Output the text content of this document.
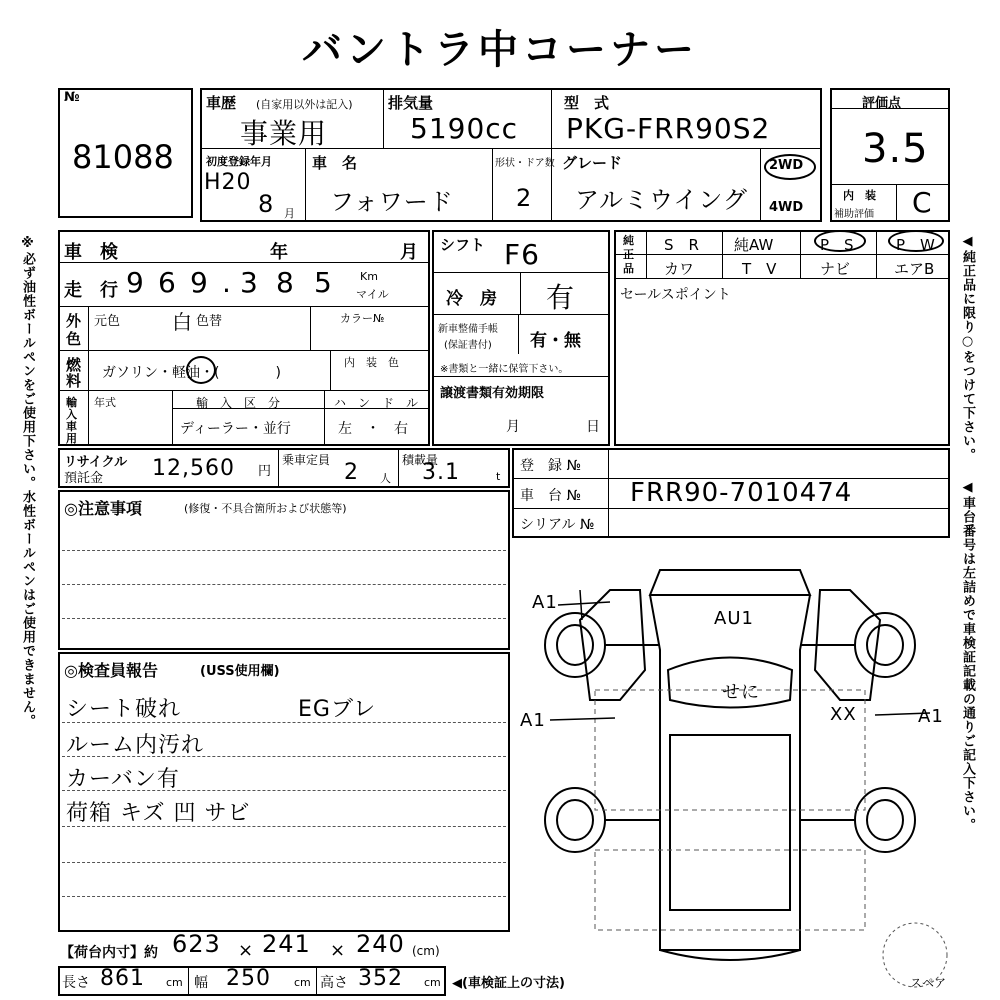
バントラ中コーナー
※必ず油性ボールペンをご使用下さい。水性ボールペンはご使用できません。	◀純正品に限り○をつけて下さい。
◀車台番号は左詰めで車検証記載の通りご記入下さい。
№
81088
車歴 (自家用以外は記入)
事業用
排気量
5190cc
型　式
PKG-FRR90S2
初度登録年月
H20
8 月
車　名
フォワード
形状・ドア数
2
グレード
アルミウイング
2WD
4WD
評価点
3.5
内　装
補助評価 C
車　検	年	月
走　行 9 6 9 . 3 8 5 Km
マイル
外
色
元色	白 色替	カラー№
燃
料 ガソリン・軽油・(　　　　)
内　装　色
輸
入
車
用
年式	輸　入　区　分
ディーラー・並行
ハ　ン　ド　ル
左　・　右
シフト F6
冷　房 有
新車整備手帳
(保証書付) 有・無
※書類と一緒に保管下さい。
譲渡書類有効期限
月	日
純
正
品
S　R 純AW	P　S	P　W
カワ	T　V	ナビ	エアB
セールスポイント
リサイクル
預託金 12,560 円
乗車定員 2 人
積載量
3.1	t
登　録 №
車　台 № FRR90-7010474
シリアル №
◎注意事項	(修復・不具合箇所および状態等)
◎検査員報告	(USS使用欄)
シート破れ
ルーム内汚れ
カーバン有
荷箱 キズ 凹 サビ
EGブレ
【荷台内寸】約 623 × 241 × 240 (cm)
長さ 861 cm 幅 250 cm 高さ 352 cm ◀(車検証上の寸法)
A1
A1	A1
AU1
XX
せに
スペア
